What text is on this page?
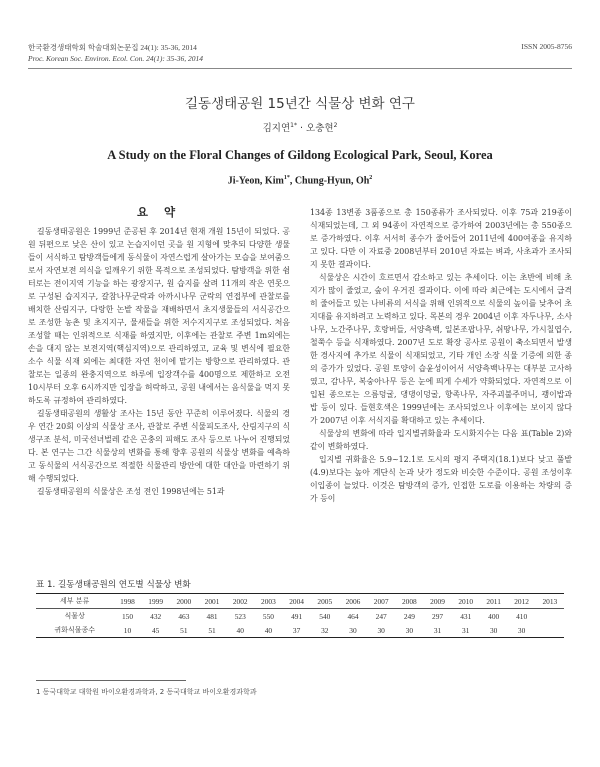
한국환경생태학회 학술대회논문집 24(1): 35-36, 2014
Proc. Korean Soc. Environ. Ecol. Con. 24(1): 35-36, 2014
ISSN 2005-8756
길동생태공원 15년간 식물상 변화 연구
김지연$^{1*}$ · 오충현$^2$
A Study on the Floral Changes of Gildong Ecological Park, Seoul, Korea
Ji-Yeon, Kim$^{1*}$, Chung-Hyun, Oh$^2$
요 약

길동생태공원은 1999년 준공된 후 2014년 현재 개원 15년이 되었다. 공원 뒤편으로 낮은 산이 있고 논습지이던 곳을 원 지형에 맞추되 다양한 생물들이 서식하고 탐방객들에게 동식물이 자연스럽게 살아가는 모습을 보여줌으로서 자연보전 의식을 일깨우기 위한 목적으로 조성되었다. 탐방객을 위한 쉼터로는 전이지역 기능을 하는 광장지구, 원 습지를 살려 11개의 작은 연못으로 구성된 습지지구, 갈참나무군락과 아까시나무 군락의 연접부에 관찰로를 배치한 산림지구, 다랑한 논밭 작물을 재배하면서 초지생물들의 서식공간으로 조성한 농촌 및 초지지구, 물새들을 위한 저수지지구로 조성되었다. 처음 조성할 때는 인위적으로 식재를 하였지만, 이후에는 관찰로 주변 1m외에는 손을 대지 않는 보전지역(핵심지역)으로 관리하였고, 교육 및 변식에 필요한 소수 식물 식재 외에는 최대한 자연 천이에 맡기는 방향으로 관리하였다. 관찰로는 일종의 완충지역으로 하루에 입장객수를 400명으로 제한하고 오전 10시부터 오후 6시까지만 입장을 허락하고, 공원 내에서는 음식물을 먹지 못하도록 규정하여 관리하였다.

길동생태공원의 생활상 조사는 15년 동안 꾸준히 이루어졌다. 식물의 경우 연간 20회 이상의 식물상 조사, 관찰로 주변 식물피도조사, 산림지구의 식생구조 분석, 미국선녀벌레 같은 곤충의 피해도 조사 등으로 나누어 진행되었다. 본 연구는 그간 식물상의 변화를 통해 향후 공원의 식물상 변화를 예측하고 동식물의 서식공간으로 적절한 식물관리 방안에 대한 대안을 마련하기 위해 수행되었다.

길동생태공원의 식물상은 조성 전인 1998년에는 51과

134종 13변종 3품종으로 총 150종류가 조사되었다. 이후 75과 219종이 식재되었는데, 그 외 94종이 자연적으로 증가하여 2003년에는 총 550종으로 증가하였다. 이후 서서히 종수가 줄어들어 2011년에 400여종을 유지하고 있다. 다만 이 자료중 2008년부터 2010년 자료는 벼과, 사초과가 조사되지 못한 결과이다.

식물상은 시간이 흐르면서 감소하고 있는 추세이다. 이는 초반에 비해 초지가 많이 줄었고, 숲이 우거진 결과이다. 이에 따라 최근에는 도시에서 급격히 줄어들고 있는 나비류의 서식을 위해 인위적으로 식물의 높이를 낮추어 초지대를 유지하려고 노력하고 있다. 목본의 경우 2004년 이후 자두나무, 소사나무, 노간주나무, 호랑버들, 서양측백, 일본조팝나무, 쉬땅나무, 가시칠엽수, 철쭉수 등을 식재하였다. 2007년 도로 확장 공사로 공원이 축소되면서 발생한 경사지에 추가로 식물이 식재되었고, 기타 개인 소장 식물 기증에 의한 종의 증가가 있었다. 공원 토양이 습윤성이어서 서양측백나무는 대부분 고사하였고, 감나무, 복숭아나무 등은 눈에 띄게 수세가 약화되었다. 자연적으로 이입된 종으로는 으름덩굴, 댕댕이덩굴, 향족나무, 자주괴불주머니, 괭이밥과 밥 등이 있다. 들현호색은 1999년에는 조사되었으나 이후에는 보이지 않다가 2007년 이후 서식지를 확대하고 있는 추세이다.

식물상의 변화에 따라 입지별귀화율과 도시화지수는 다음 표(Table 2)와 같이 변화하였다.

입지별 귀화율은 5.9~12.1로 도시의 평지 주택지(18.1)보다 낮고 풀밭(4.9)보다는 높아 계단식 논과 낫가 정도와 비슷한 수준이다. 공원 조성이후 이입종이 늘었다. 이것은 탐방객의 증가, 인접한 도로를 이용하는 차량의 증가 등이

표 1. 길동생태공원의 연도별 식물상 변화
세부 분류	1998	1999	2000	2001	2002	2003	2004	2005	2006	2007	2008	2009	2010	2011	2012	2013
식물상	150	432	463	481	523	550	491	540	464	247	249	297	431	400	410	
귀화식물종수	10	45	51	51	40	40	37	32	30	30	30	31	31	30	30	
1 동국대학교 대학원 바이오환경과학과, 2 동국대학교 바이오환경과학과
